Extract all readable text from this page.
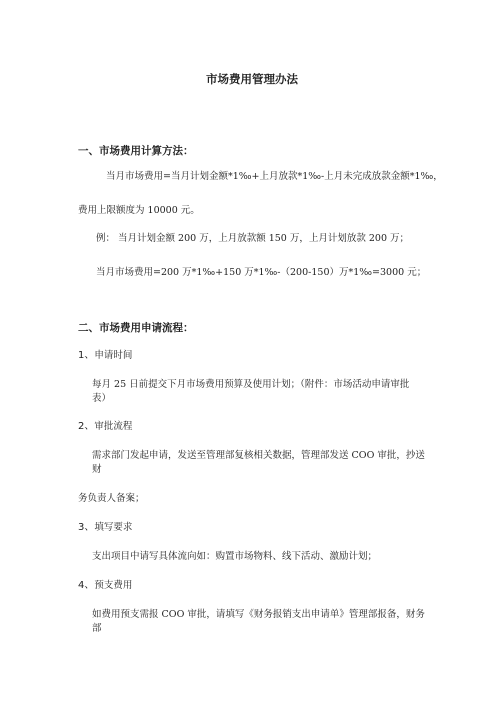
市场费用管理办法
一、市场费用计算方法：
当月市场费用=当月计划金额*1‰+上月放款*1‰-上月未完成放款金额*1‰，
费用上限额度为 10000 元。
例： 当月计划金额 200 万，上月放款额 150 万，上月计划放款 200 万；
当月市场费用=200 万*1‰+150 万*1‰-（200-150）万*1‰=3000 元；
二、市场费用申请流程：
1、申请时间
每月 25 日前提交下月市场费用预算及使用计划；（附件：市场活动申请审批
表）
2、审批流程
需求部门发起申请，发送至管理部复核相关数据，管理部发送 COO 审批，抄送
财
务负责人备案；
3、填写要求
支出项目中请写具体流向如：购置市场物料、线下活动、激励计划；
4、预支费用
如费用预支需报 COO 审批，请填写《财务报销支出申请单》管理部报备，财务
部
